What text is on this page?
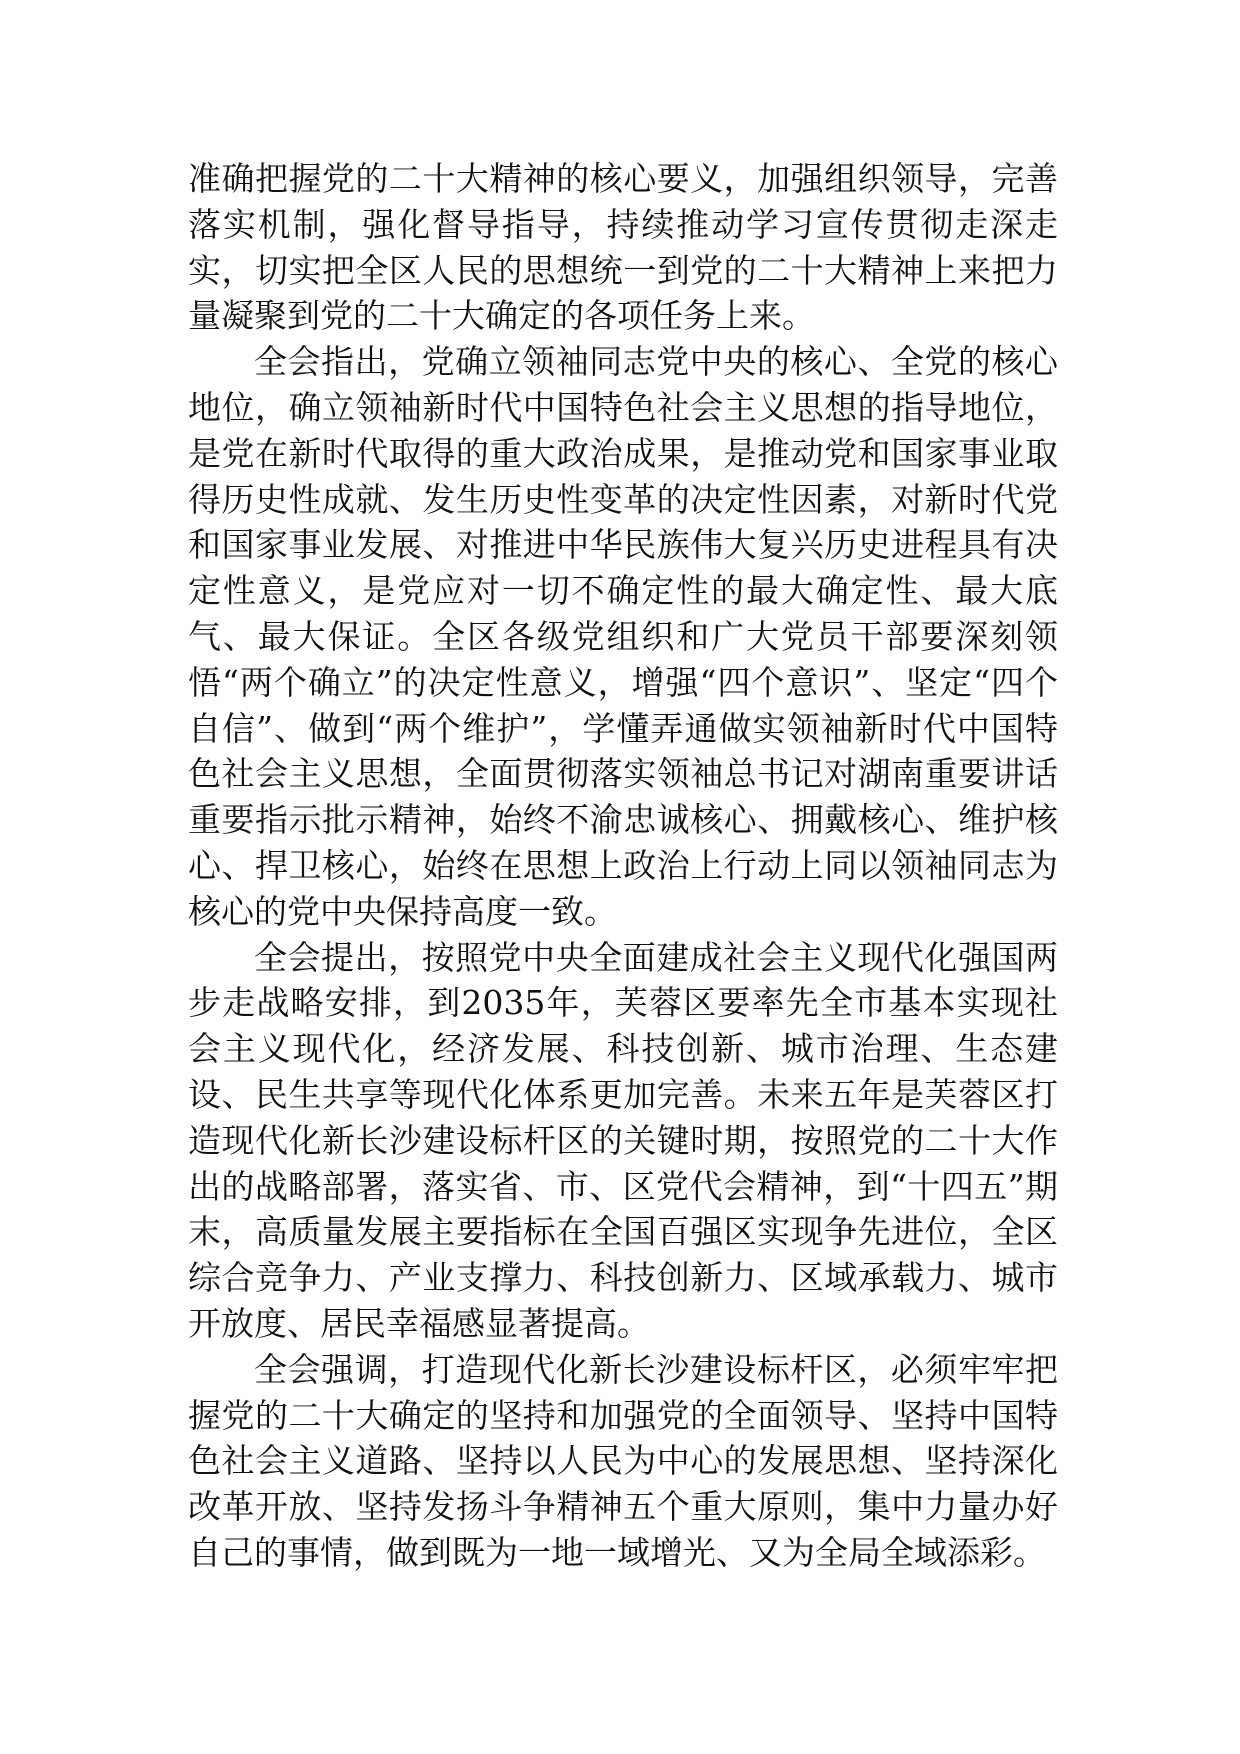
准确把握党的二十大精神的核心要义，加强组织领导，完善落实机制，强化督导指导，持续推动学习宣传贯彻走深走实，切实把全区人民的思想统一到党的二十大精神上来把力量凝聚到党的二十大确定的各项任务上来。

全会指出，党确立领袖同志党中央的核心、全党的核心地位，确立领袖新时代中国特色社会主义思想的指导地位，是党在新时代取得的重大政治成果，是推动党和国家事业取得历史性成就、发生历史性变革的决定性因素，对新时代党和国家事业发展、对推进中华民族伟大复兴历史进程具有决定性意义，是党应对一切不确定性的最大确定性、最大底气、最大保证。全区各级党组织和广大党员干部要深刻领悟“两个确立”的决定性意义，增强“四个意识”、坚定“四个自信”、做到“两个维护”，学懂弄通做实领袖新时代中国特色社会主义思想，全面贯彻落实领袖总书记对湖南重要讲话重要指示批示精神，始终不渝忠诚核心、拥戴核心、维护核心、捍卫核心，始终在思想上政治上行动上同以领袖同志为核心的党中央保持高度一致。

全会提出，按照党中央全面建成社会主义现代化强国两步走战略安排，到2035年，芙蓉区要率先全市基本实现社会主义现代化，经济发展、科技创新、城市治理、生态建设、民生共享等现代化体系更加完善。未来五年是芙蓉区打造现代化新长沙建设标杆区的关键时期，按照党的二十大作出的战略部署，落实省、市、区党代会精神，到“十四五”期末，高质量发展主要指标在全国百强区实现争先进位，全区综合竞争力、产业支撑力、科技创新力、区域承载力、城市开放度、居民幸福感显著提高。

全会强调，打造现代化新长沙建设标杆区，必须牢牢把握党的二十大确定的坚持和加强党的全面领导、坚持中国特色社会主义道路、坚持以人民为中心的发展思想、坚持深化改革开放、坚持发扬斗争精神五个重大原则，集中力量办好自己的事情，做到既为一地一域增光、又为全局全域添彩。
